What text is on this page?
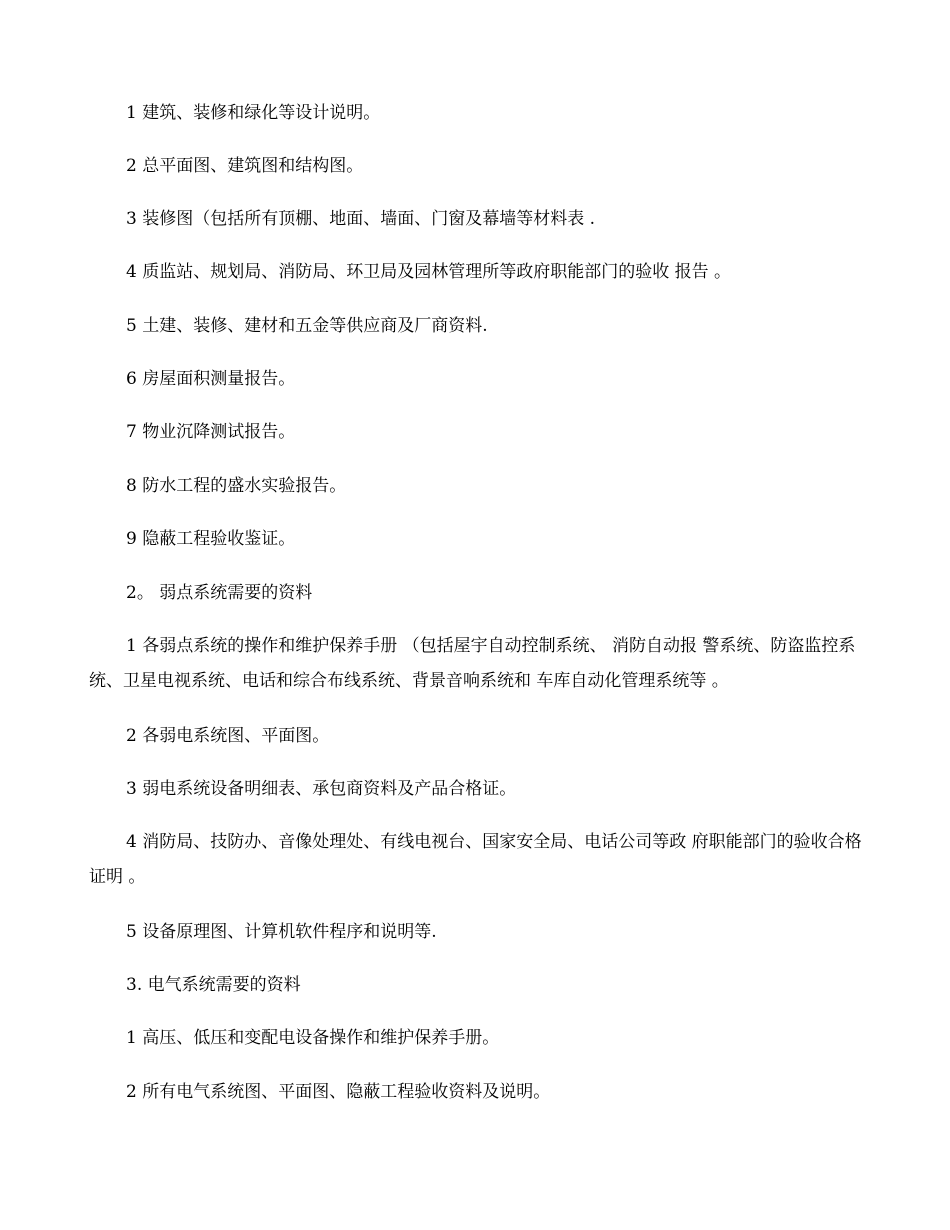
1 建筑、装修和绿化等设计说明。

2 总平面图、建筑图和结构图。

3 装修图（包括所有顶棚、地面、墙面、门窗及幕墙等材料表 .

4 质监站、规划局、消防局、环卫局及园林管理所等政府职能部门的验收 报告 。

5 土建、装修、建材和五金等供应商及厂商资料.

6 房屋面积测量报告。

7 物业沉降测试报告。

8 防水工程的盛水实验报告。

9 隐蔽工程验收鉴证。

2。 弱点系统需要的资料

1 各弱点系统的操作和维护保养手册 （包括屋宇自动控制系统、 消防自动报 警系统、防盗监控系统、卫星电视系统、电话和综合布线系统、背景音响系统和 车库自动化管理系统等 。

2 各弱电系统图、平面图。

3 弱电系统设备明细表、承包商资料及产品合格证。

4 消防局、技防办、音像处理处、有线电视台、国家安全局、电话公司等政 府职能部门的验收合格证明 。

5 设备原理图、计算机软件程序和说明等.

3. 电气系统需要的资料

1 高压、低压和变配电设备操作和维护保养手册。

2 所有电气系统图、平面图、隐蔽工程验收资料及说明。
